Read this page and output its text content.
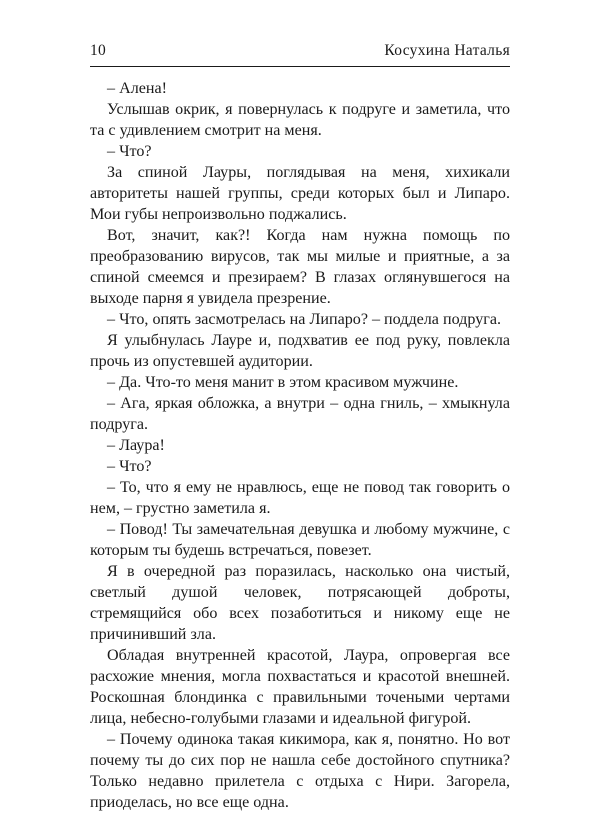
10	Косухина Наталья

– Алена!

Услышав окрик, я повернулась к подруге и заметила, что та с удивлением смотрит на меня.

– Что?

За спиной Лауры, поглядывая на меня, хихикали авторитеты нашей группы, среди которых был и Липаро. Мои губы непроизвольно поджались.

Вот, значит, как?! Когда нам нужна помощь по преобразованию вирусов, так мы милые и приятные, а за спиной смеемся и презираем? В глазах оглянувшегося на выходе парня я увидела презрение.

– Что, опять засмотрелась на Липаро? – поддела подруга.

Я улыбнулась Лауре и, подхватив ее под руку, повлекла прочь из опустевшей аудитории.

– Да. Что-то меня манит в этом красивом мужчине.

– Ага, яркая обложка, а внутри – одна гниль, – хмыкнула подруга.

– Лаура!

– Что?

– То, что я ему не нравлюсь, еще не повод так говорить о нем, – грустно заметила я.

– Повод! Ты замечательная девушка и любому мужчине, с которым ты будешь встречаться, повезет.

Я в очередной раз поразилась, насколько она чистый, светлый душой человек, потрясающей доброты, стремящийся обо всех позаботиться и никому еще не причинивший зла.

Обладая внутренней красотой, Лаура, опровергая все расхожие мнения, могла похвастаться и красотой внешней. Роскошная блондинка с правильными точеными чертами лица, небесно-голубыми глазами и идеальной фигурой.

– Почему одинока такая кикимора, как я, понятно. Но вот почему ты до сих пор не нашла себе достойного спутника? Только недавно прилетела с отдыха с Нири. Загорела, приоделась, но все еще одна.
